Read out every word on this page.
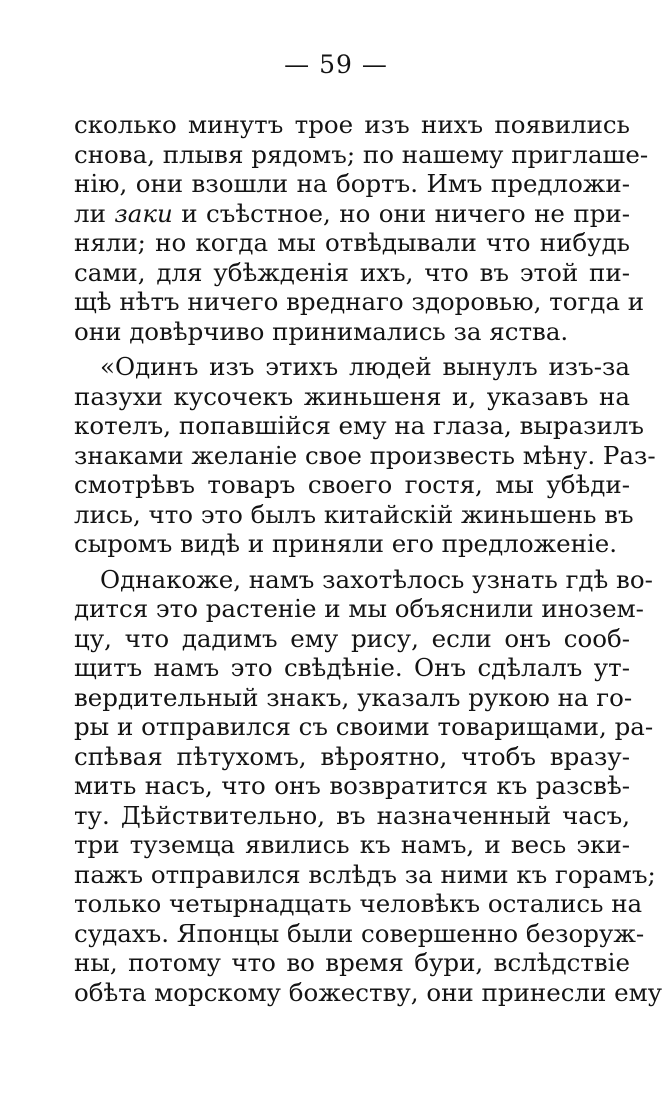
— 59 —
сколько минутъ трое изъ нихъ появились
снова, плывя рядомъ; по нашему приглаше-
нію, они взошли на бортъ. Имъ предложи-
ли заки и съѣстное, но они ничего не при-
няли; но когда мы отвѣдывали что нибудь
сами, для убѣжденія ихъ, что въ этой пи-
щѣ нѣтъ ничего вреднаго здоровью, тогда и
они довѣрчиво принимались за яства.
«Одинъ изъ этихъ людей вынулъ изъ-за
пазухи кусочекъ жиньшеня и, указавъ на
котелъ, попавшійся ему на глаза, выразилъ
знаками желаніе свое произвесть мѣну. Раз-
смотрѣвъ товаръ своего гостя, мы убѣди-
лись, что это былъ китайскій жиньшень въ
сыромъ видѣ и приняли его предложеніе.
Однакоже, намъ захотѣлось узнать гдѣ во-
дится это растеніе и мы объяснили инозем-
цу, что дадимъ ему рису, если онъ сооб-
щитъ намъ это свѣдѣніе. Онъ сдѣлалъ ут-
вердительный знакъ, указалъ рукою на го-
ры и отправился съ своими товарищами, ра-
спѣвая пѣтухомъ, вѣроятно, чтобъ вразу-
мить насъ, что онъ возвратится къ разсвѣ-
ту. Дѣйствительно, въ назначенный часъ,
три туземца явились къ намъ, и весь эки-
пажъ отправился вслѣдъ за ними къ горамъ;
только четырнадцать человѣкъ остались на
судахъ. Японцы были совершенно безоруж-
ны, потому что во время бури, вслѣдствіе
обѣта морскому божеству, они принесли ему
